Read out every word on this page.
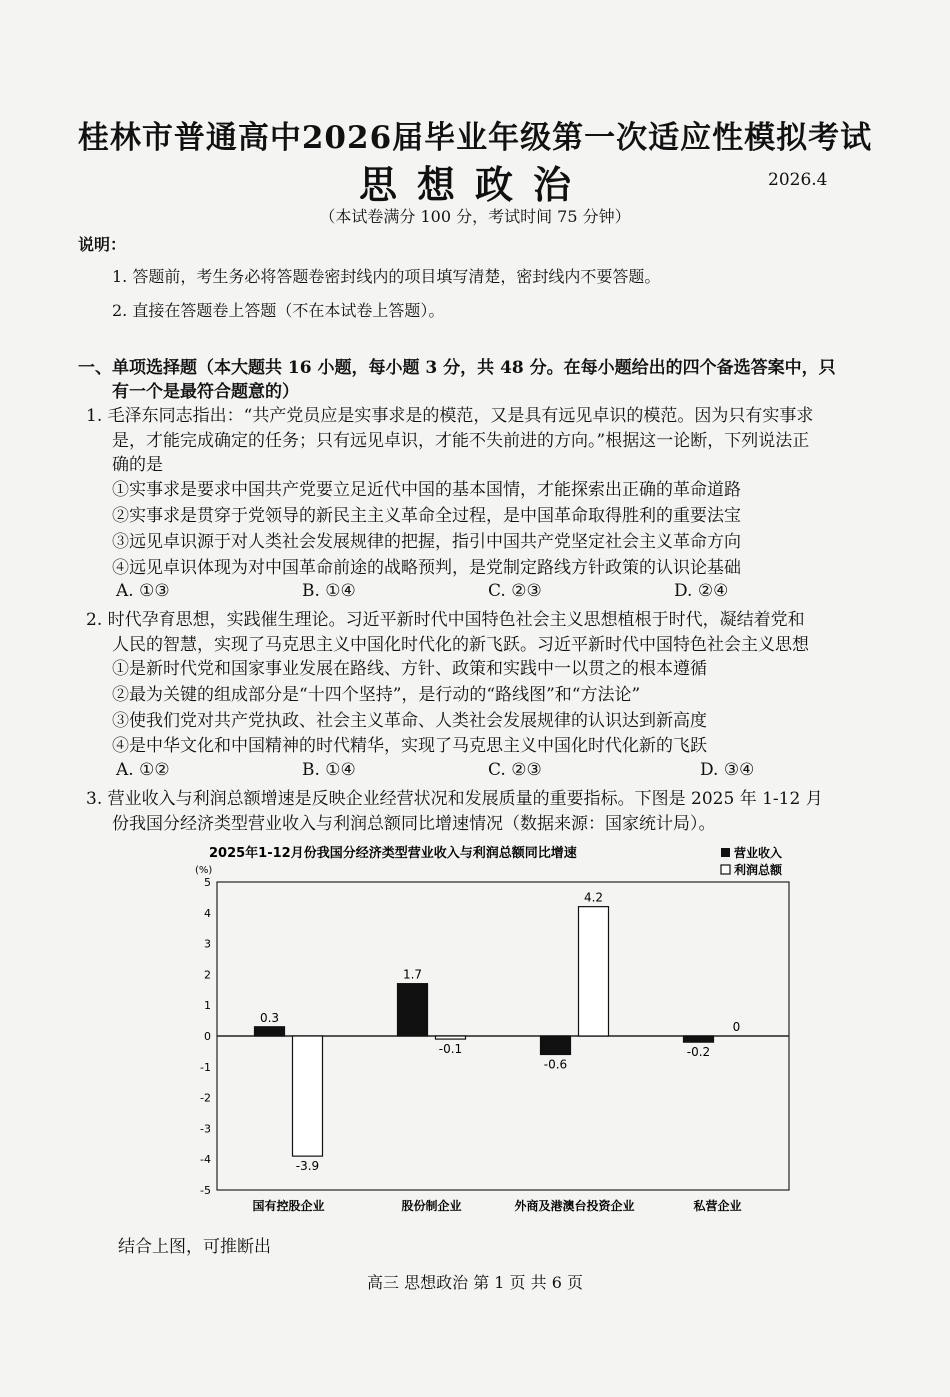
桂林市普通高中2026届毕业年级第一次适应性模拟考试
思想政治	2026.4
（本试卷满分 100 分，考试时间 75 分钟）
说明：
1. 答题前，考生务必将答题卷密封线内的项目填写清楚，密封线内不要答题。
2. 直接在答题卷上答题（不在本试卷上答题）。
一、单项选择题（本大题共 16 小题，每小题 3 分，共 48 分。在每小题给出的四个备选答案中，只
有一个是最符合题意的）
1. 毛泽东同志指出：“共产党员应是实事求是的模范，又是具有远见卓识的模范。因为只有实事求
是，才能完成确定的任务；只有远见卓识，才能不失前进的方向。”根据这一论断，下列说法正
确的是
①实事求是要求中国共产党要立足近代中国的基本国情，才能探索出正确的革命道路
②实事求是贯穿于党领导的新民主主义革命全过程，是中国革命取得胜利的重要法宝
③远见卓识源于对人类社会发展规律的把握，指引中国共产党坚定社会主义革命方向
④远见卓识体现为对中国革命前途的战略预判，是党制定路线方针政策的认识论基础
A. ①③	B. ①④	C. ②③	D. ②④
2. 时代孕育思想，实践催生理论。习近平新时代中国特色社会主义思想植根于时代，凝结着党和
人民的智慧，实现了马克思主义中国化时代化的新飞跃。习近平新时代中国特色社会主义思想
①是新时代党和国家事业发展在路线、方针、政策和实践中一以贯之的根本遵循
②最为关键的组成部分是“十四个坚持”，是行动的“路线图”和“方法论”
③使我们党对共产党执政、社会主义革命、人类社会发展规律的认识达到新高度
④是中华文化和中国精神的时代精华，实现了马克思主义中国化时代化新的飞跃
A. ①②	B. ①④	C. ②③	D. ③④
3. 营业收入与利润总额增速是反映企业经营状况和发展质量的重要指标。下图是 2025 年 1-12 月
份我国分经济类型营业收入与利润总额同比增速情况（数据来源：国家统计局）。
2025年1-12月份我国分经济类型营业收入与利润总额同比增速
(%)
营业收入
利润总额
5
4
3
2
1
0
-1
-2
-3
-4
-5
0.3
-3.9
1.7
-0.1
-0.6
4.2
-0.2
0
国有控股企业	股份制企业	外商及港澳台投资企业	私营企业
结合上图，可推断出
高三 思想政治 第 1 页 共 6 页
